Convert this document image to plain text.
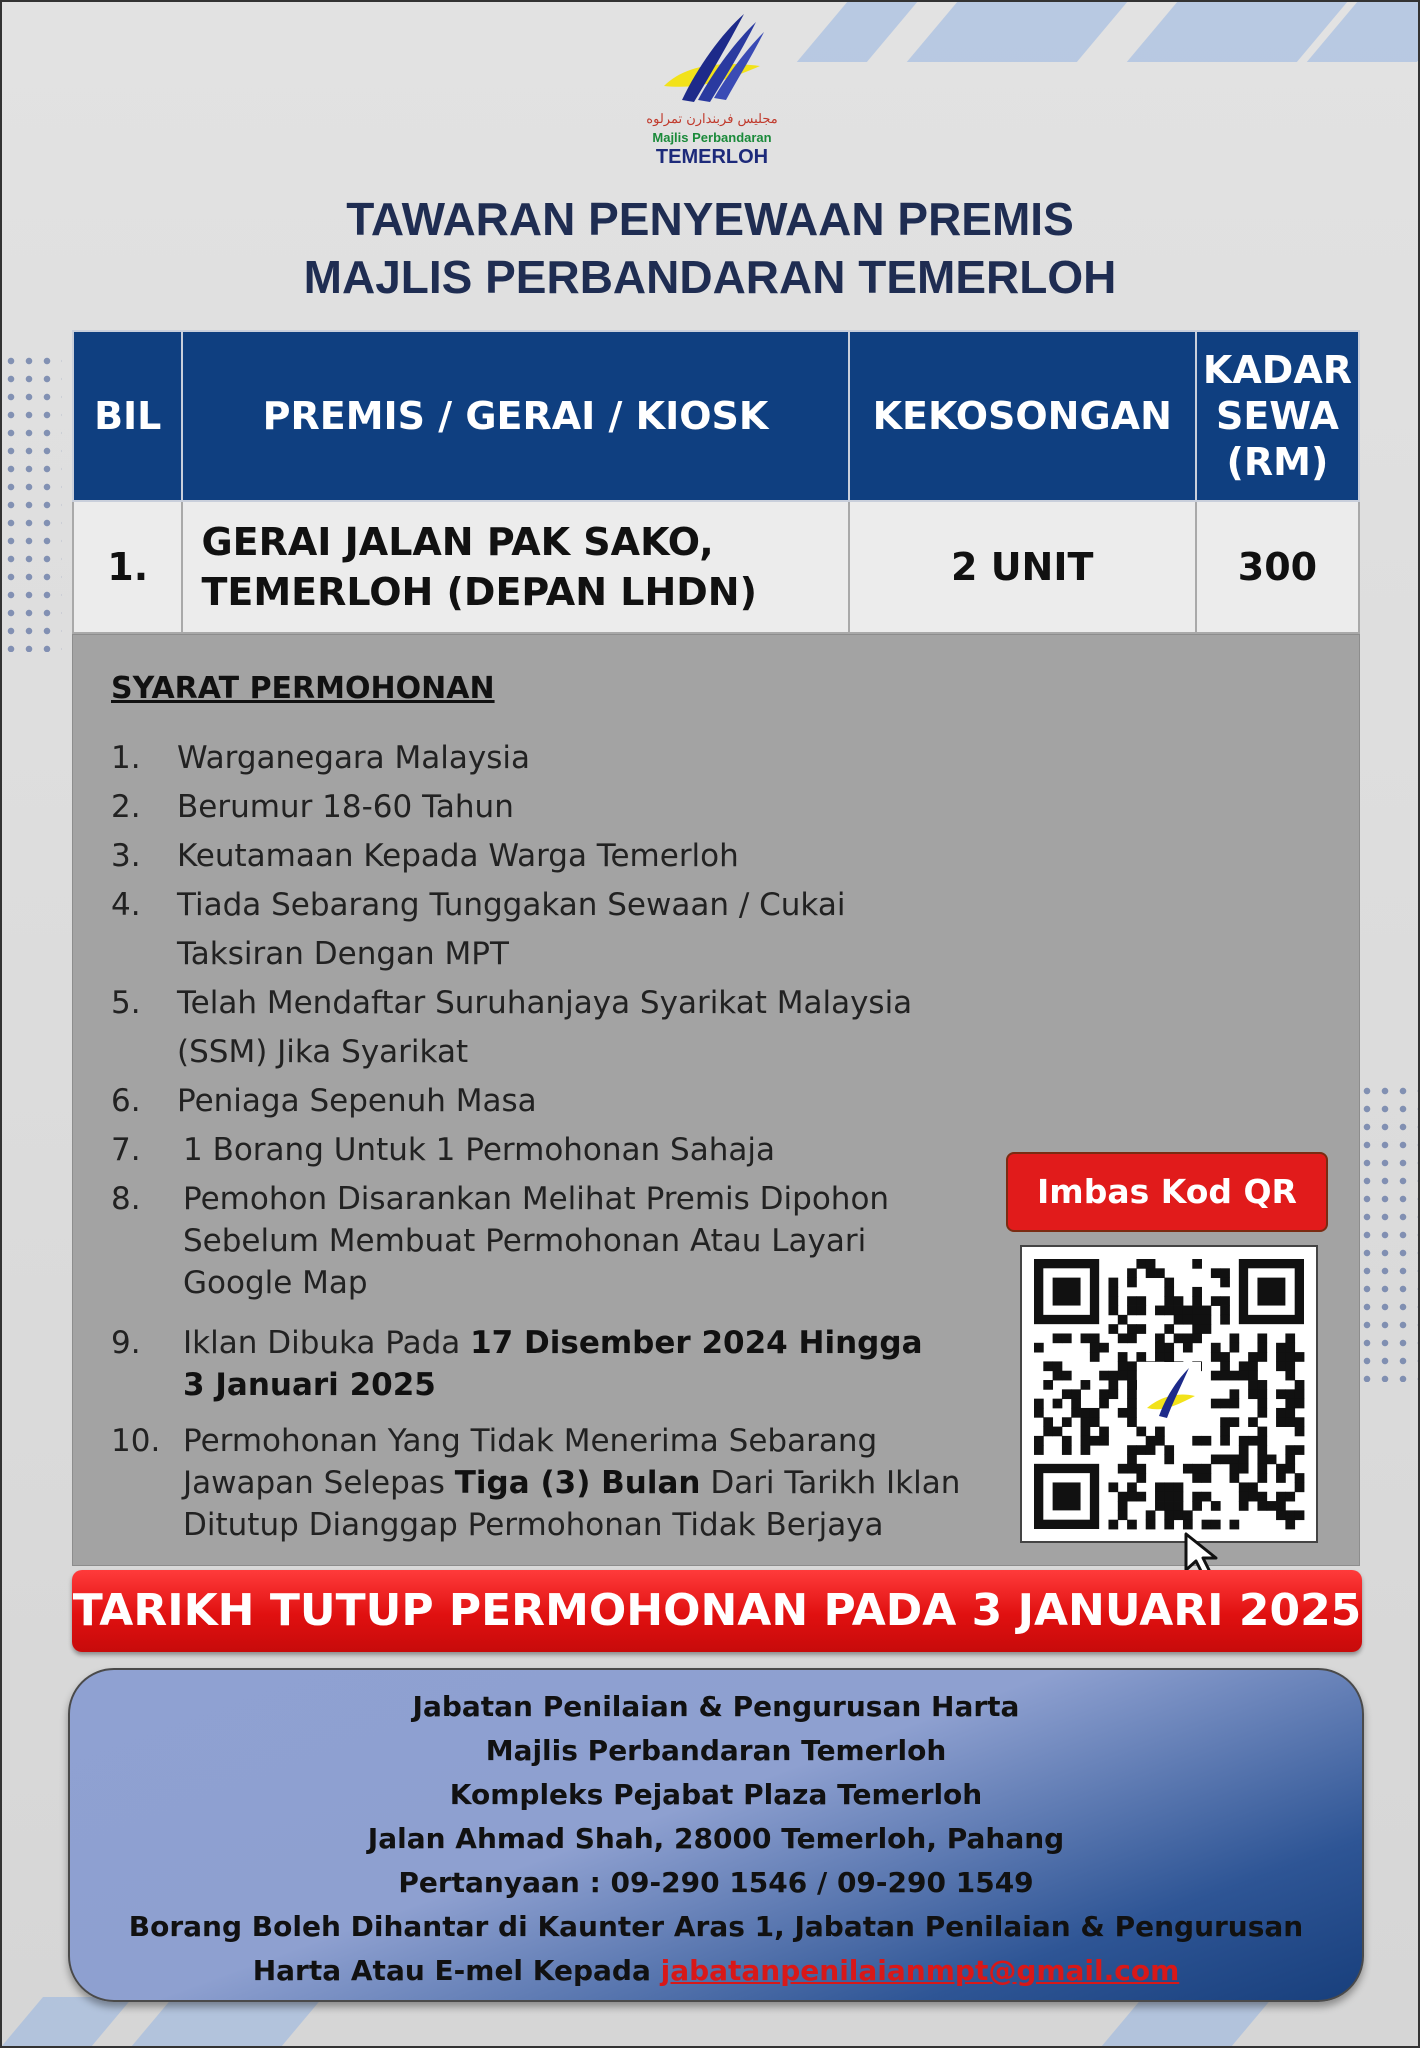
مجليس فربندارن تمرلوه
Majlis Perbandaran
TEMERLOH
TAWARAN PENYEWAAN PREMIS
MAJLIS PERBANDARAN TEMERLOH
BIL	PREMIS / GERAI / KIOSK	KEKOSONGAN	KADAR
SEWA
(RM)

1.	GERAI JALAN PAK SAKO,
TEMERLOH (DEPAN LHDN)	2 UNIT	300
SYARAT PERMOHONAN
1. Warganegara Malaysia
2. Berumur 18-60 Tahun
3. Keutamaan Kepada Warga Temerloh
4. Tiada Sebarang Tunggakan Sewaan / Cukai
Taksiran Dengan MPT
5. Telah Mendaftar Suruhanjaya Syarikat Malaysia
(SSM) Jika Syarikat
6. Peniaga Sepenuh Masa
7. 1 Borang Untuk 1 Permohonan Sahaja
8. Pemohon Disarankan Melihat Premis Dipohon
Sebelum Membuat Permohonan Atau Layari
Google Map
9. Iklan Dibuka Pada 17 Disember 2024 Hingga
3 Januari 2025
10. Permohonan Yang Tidak Menerima Sebarang
Jawapan Selepas Tiga (3) Bulan Dari Tarikh Iklan
Ditutup Dianggap Permohonan Tidak Berjaya
Imbas Kod QR
TARIKH TUTUP PERMOHONAN PADA 3 JANUARI 2025
Jabatan Penilaian & Pengurusan Harta
Majlis Perbandaran Temerloh
Kompleks Pejabat Plaza Temerloh
Jalan Ahmad Shah, 28000 Temerloh, Pahang
Pertanyaan : 09-290 1546 / 09-290 1549
Borang Boleh Dihantar di Kaunter Aras 1, Jabatan Penilaian & Pengurusan
Harta Atau E-mel Kepada jabatanpenilaianmpt@gmail.com
